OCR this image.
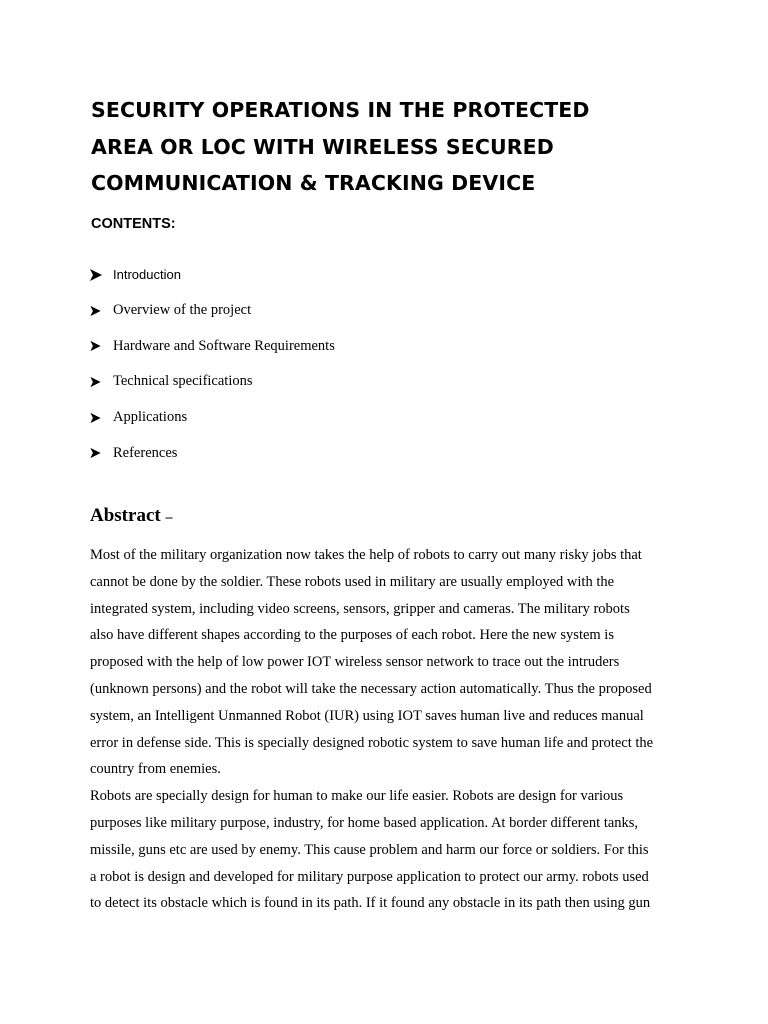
SECURITY OPERATIONS IN THE PROTECTED
AREA OR LOC WITH WIRELESS SECURED
COMMUNICATION & TRACKING DEVICE
CONTENTS:
Introduction
Overview of the project
Hardware and Software Requirements
Technical specifications
Applications
References
Abstract –
Most of the military organization now takes the help of robots to carry out many risky jobs that
cannot be done by the soldier. These robots used in military are usually employed with the
integrated system, including video screens, sensors, gripper and cameras. The military robots
also have different shapes according to the purposes of each robot. Here the new system is
proposed with the help of low power IOT wireless sensor network to trace out the intruders
(unknown persons) and the robot will take the necessary action automatically. Thus the proposed
system, an Intelligent Unmanned Robot (IUR) using IOT saves human live and reduces manual
error in defense side. This is specially designed robotic system to save human life and protect the
country from enemies.
Robots are specially design for human to make our life easier. Robots are design for various
purposes like military purpose, industry, for home based application. At border different tanks,
missile, guns etc are used by enemy. This cause problem and harm our force or soldiers. For this
a robot is design and developed for military purpose application to protect our army. robots used
to detect its obstacle which is found in its path. If it found any obstacle in its path then using gun
